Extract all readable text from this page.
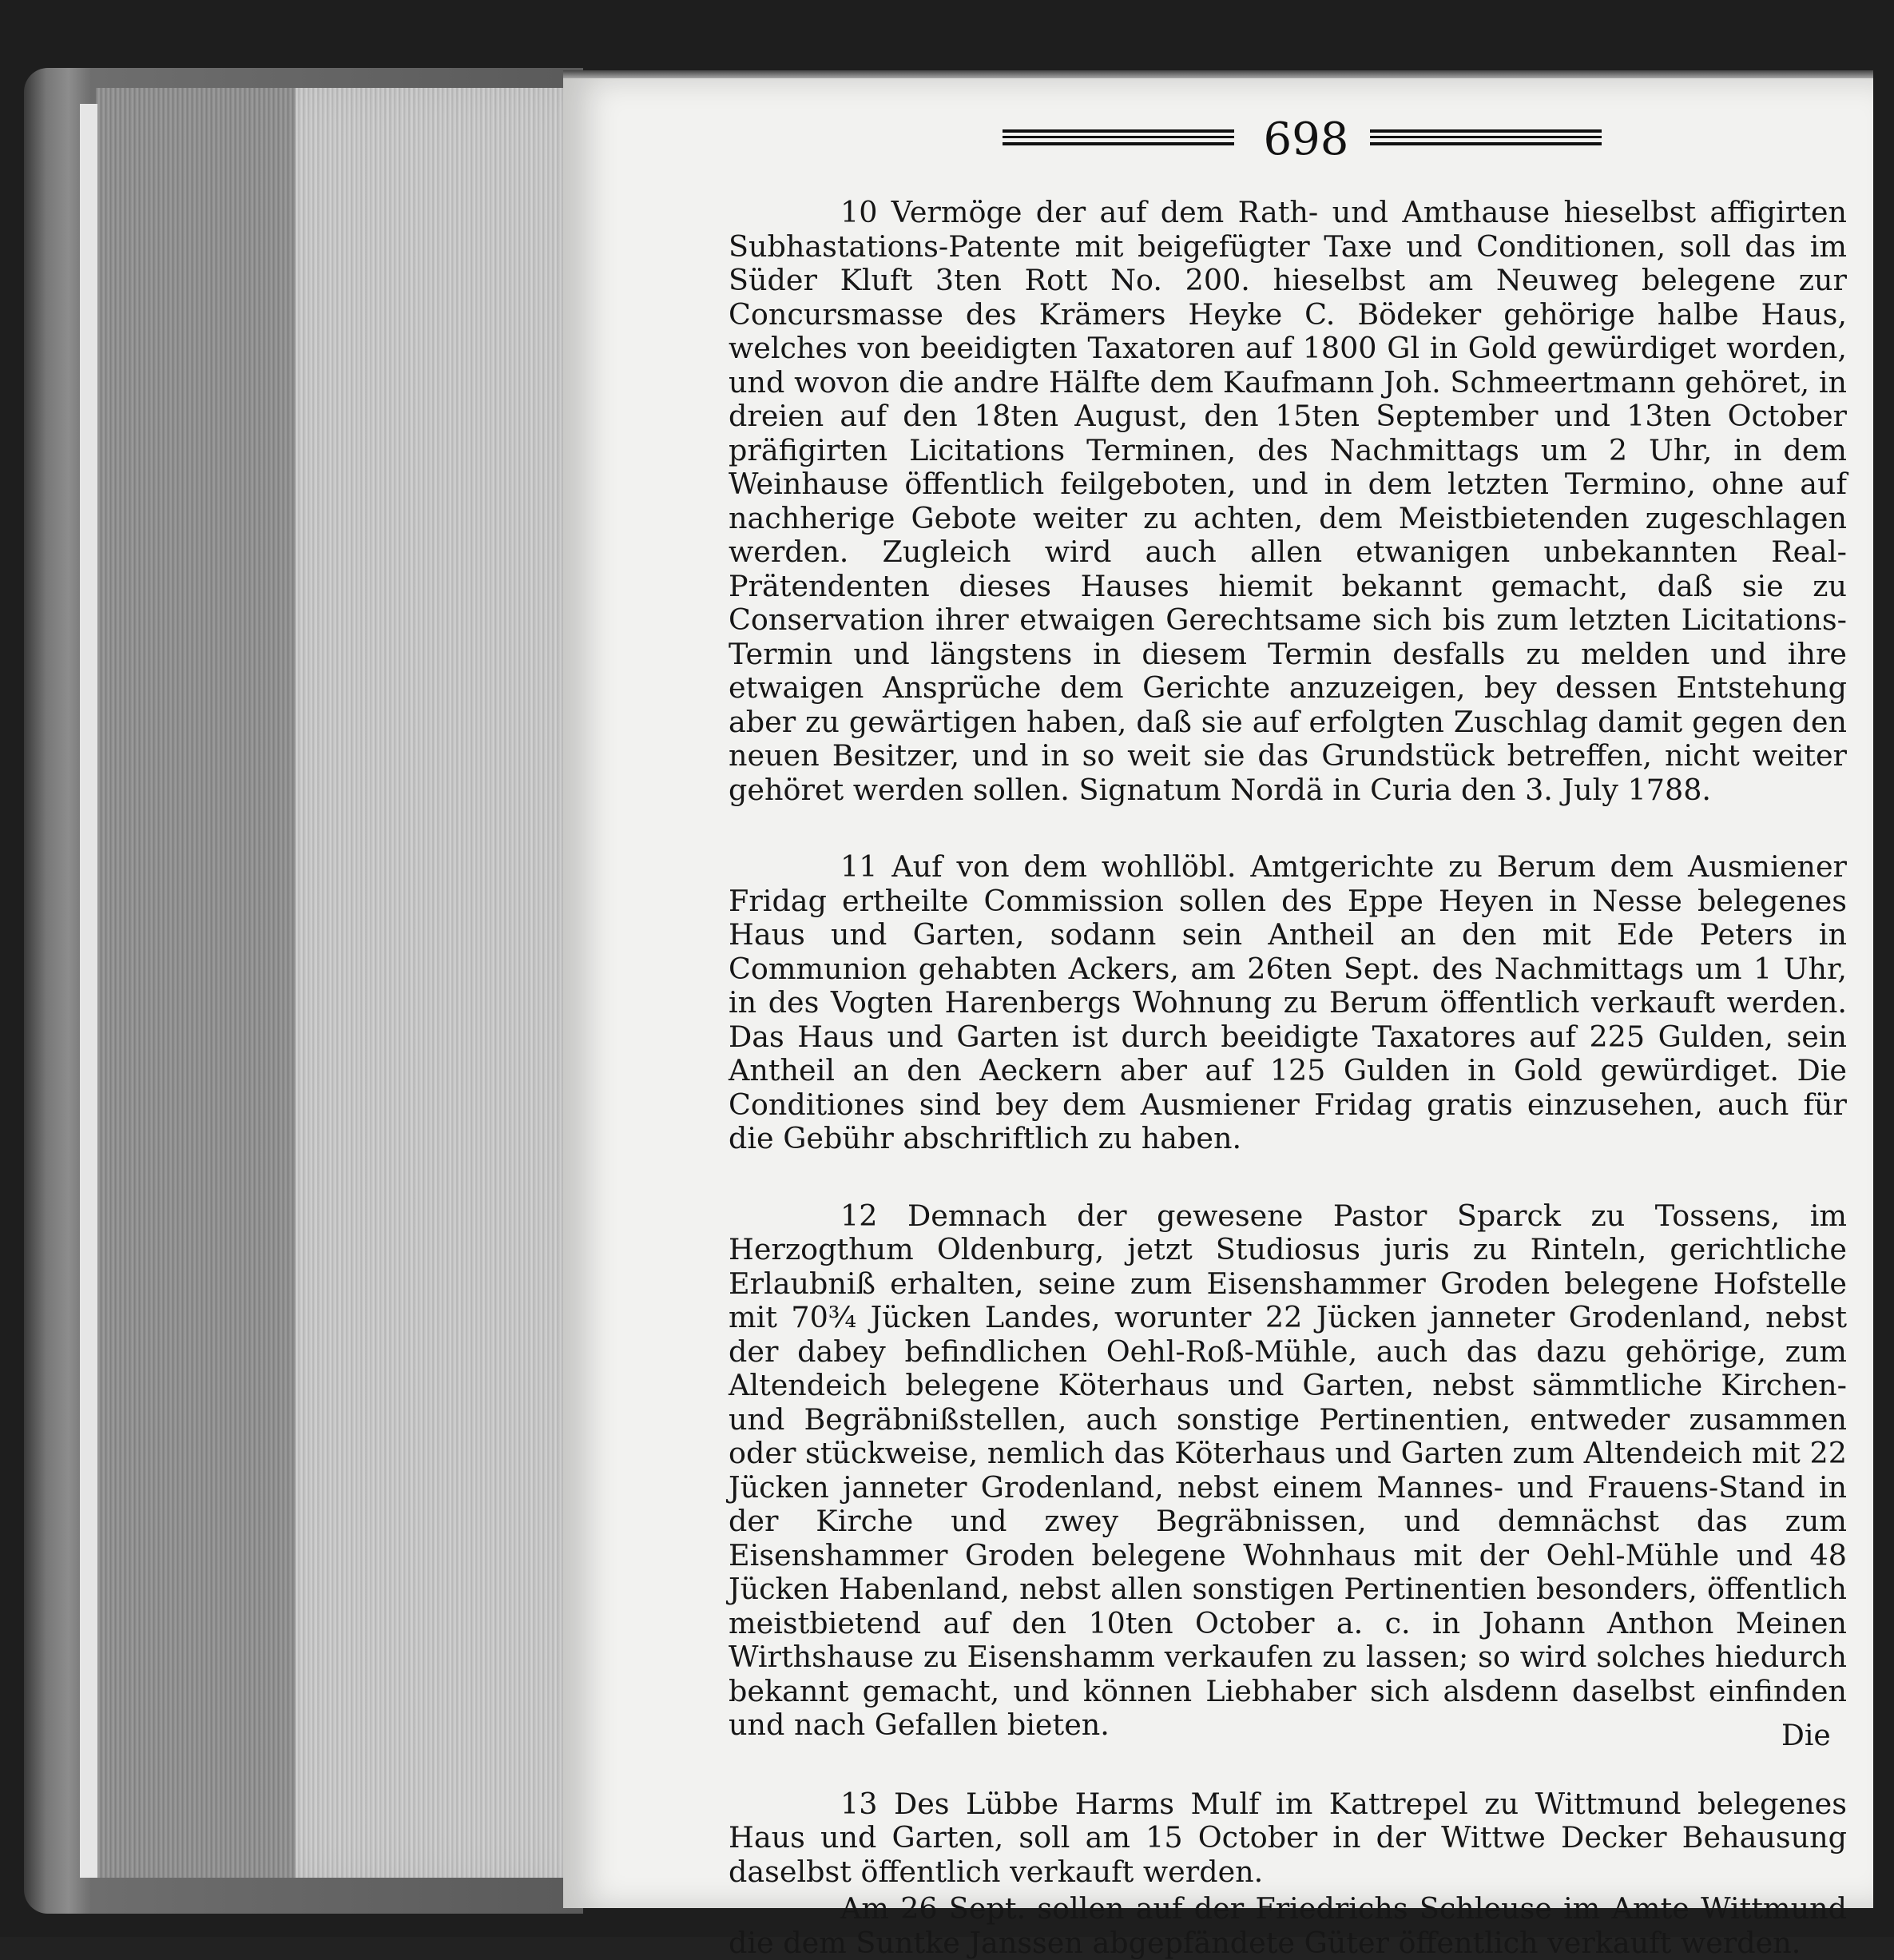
698

10 Vermöge der auf dem Rath- und Amthause hieselbst affigirten Subhastations-Patente mit beigefügter Taxe und Conditionen, soll das im Süder Kluft 3ten Rott No. 200. hieselbst am Neuweg belegene zur Concursmasse des Krämers Heyke C. Bödeker gehörige halbe Haus, welches von beeidigten Taxatoren auf 1800 Gl in Gold gewürdiget worden, und wovon die andre Hälfte dem Kaufmann Joh. Schmeertmann gehöret, in dreien auf den 18ten August, den 15ten September und 13ten October präfigirten Licitations Terminen, des Nachmittags um 2 Uhr, in dem Weinhause öffentlich feilgeboten, und in dem letzten Termino, ohne auf nachherige Gebote weiter zu achten, dem Meistbietenden zugeschlagen werden. Zugleich wird auch allen etwanigen unbekannten Real-Prätendenten dieses Hauses hiemit bekannt gemacht, daß sie zu Conservation ihrer etwaigen Gerechtsame sich bis zum letzten Licitations-Termin und längstens in diesem Termin desfalls zu melden und ihre etwaigen Ansprüche dem Gerichte anzuzeigen, bey dessen Entstehung aber zu gewärtigen haben, daß sie auf erfolgten Zuschlag damit gegen den neuen Besitzer, und in so weit sie das Grundstück betreffen, nicht weiter gehöret werden sollen. Signatum Nordä in Curia den 3. July 1788.

11 Auf von dem wohllöbl. Amtgerichte zu Berum dem Ausmiener Fridag ertheilte Commission sollen des Eppe Heyen in Nesse belegenes Haus und Garten, sodann sein Antheil an den mit Ede Peters in Communion gehabten Ackers, am 26ten Sept. des Nachmittags um 1 Uhr, in des Vogten Harenbergs Wohnung zu Berum öffentlich verkauft werden. Das Haus und Garten ist durch beeidigte Taxatores auf 225 Gulden, sein Antheil an den Aeckern aber auf 125 Gulden in Gold gewürdiget. Die Conditiones sind bey dem Ausmiener Fridag gratis einzusehen, auch für die Gebühr abschriftlich zu haben.

12 Demnach der gewesene Pastor Sparck zu Tossens, im Herzogthum Oldenburg, jetzt Studiosus juris zu Rinteln, gerichtliche Erlaubniß erhalten, seine zum Eisenshammer Groden belegene Hofstelle mit 70¾ Jücken Landes, worunter 22 Jücken janneter Grodenland, nebst der dabey befindlichen Oehl-Roß-Mühle, auch das dazu gehörige, zum Altendeich belegene Köterhaus und Garten, nebst sämmtliche Kirchen- und Begräbnißstellen, auch sonstige Pertinentien, entweder zusammen oder stückweise, nemlich das Köterhaus und Garten zum Altendeich mit 22 Jücken janneter Grodenland, nebst einem Mannes- und Frauens-Stand in der Kirche und zwey Begräbnissen, und demnächst das zum Eisenshammer Groden belegene Wohnhaus mit der Oehl-Mühle und 48 Jücken Habenland, nebst allen sonstigen Pertinentien besonders, öffentlich meistbietend auf den 10ten October a. c. in Johann Anthon Meinen Wirthshause zu Eisenshamm verkaufen zu lassen; so wird solches hiedurch bekannt gemacht, und können Liebhaber sich alsdenn daselbst einfinden und nach Gefallen bieten.

13 Des Lübbe Harms Mulf im Kattrepel zu Wittmund belegenes Haus und Garten, soll am 15 October in der Wittwe Decker Behausung daselbst öffentlich verkauft werden.

Am 26 Sept. sollen auf der Friedrichs Schleuse im Amte Wittmund die dem Suntke Janssen abgepfändete Güter öffentlich verkauft werden.

Die
